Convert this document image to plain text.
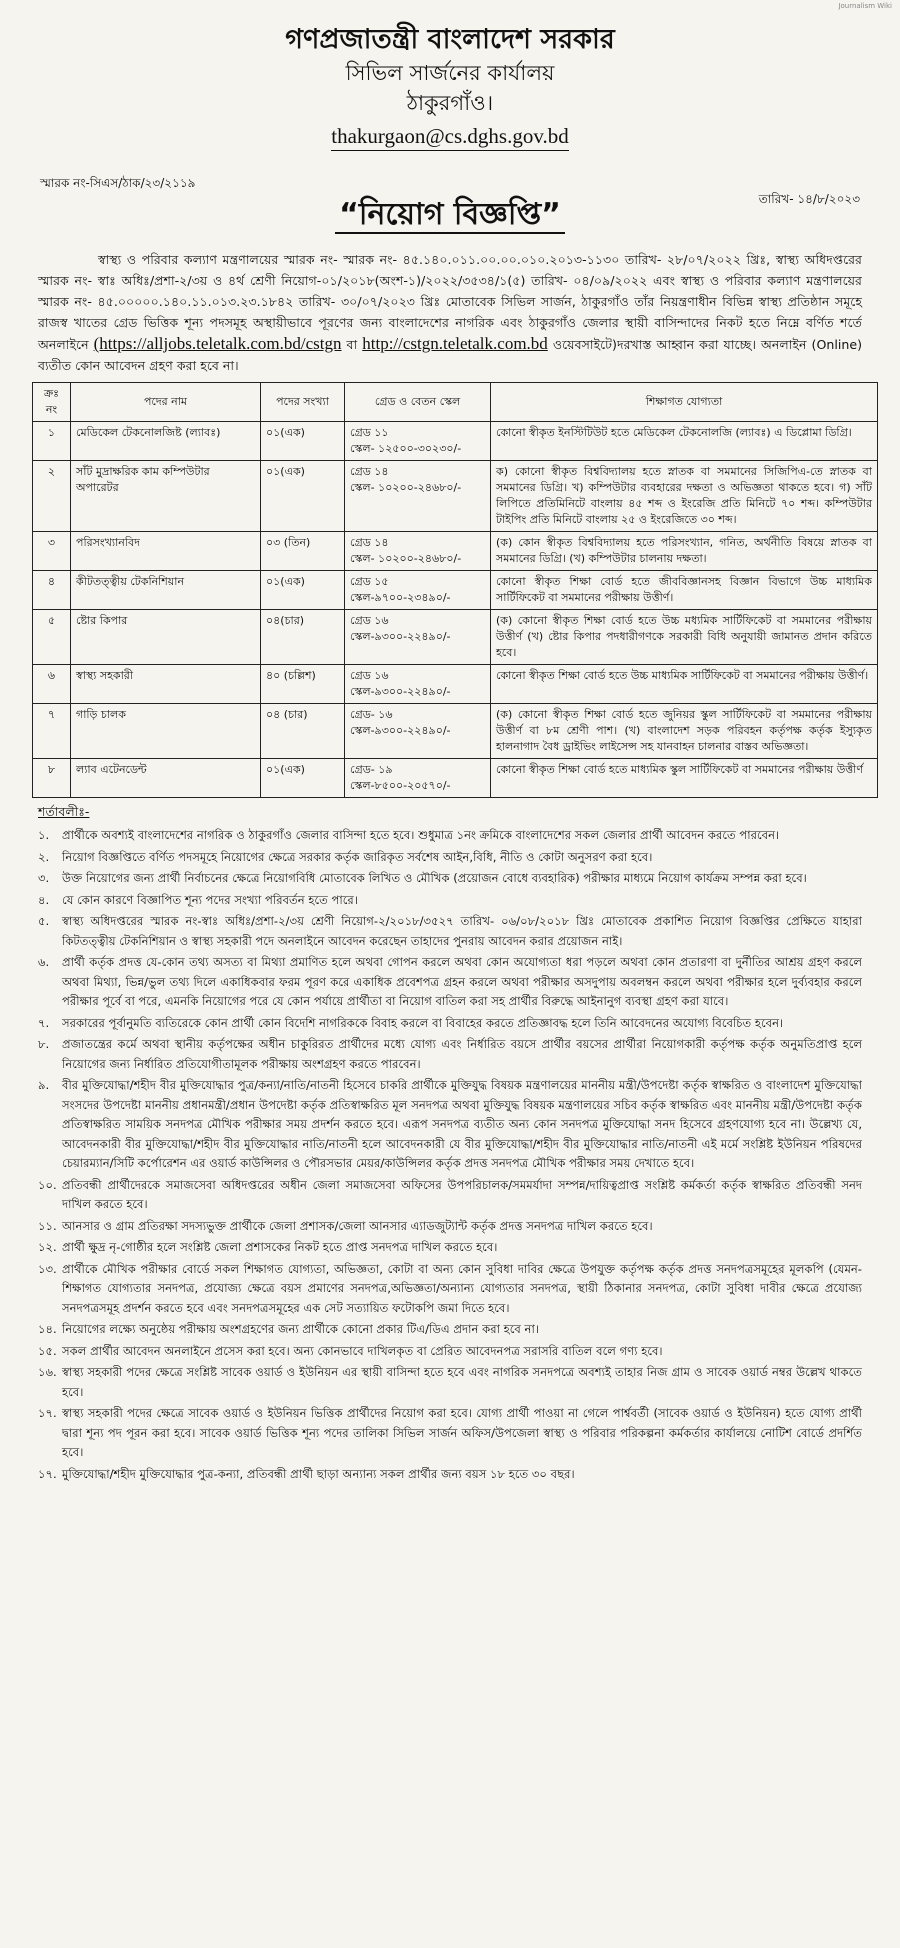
Journalism Wiki
গণপ্রজাতন্ত্রী বাংলাদেশ সরকার
সিভিল সার্জনের কার্যালয়
ঠাকুরগাঁও।
thakurgaon@cs.dghs.gov.bd
স্মারক নং-সিএস/ঠাক/২৩/২১১৯
তারিখ- ১৪/৮/২০২৩
“নিয়োগ বিজ্ঞপ্তি”

স্বাস্থ্য ও পরিবার কল্যাণ মন্ত্রণালয়ের স্মারক নং- স্মারক নং- ৪৫.১৪০.০১১.০০.০০.০১০.২০১৩-১১৩০ তারিখ- ২৮/০৭/২০২২ খ্রিঃ, স্বাস্থ্য অধিদপ্তরের স্মারক নং- স্বাঃ অধিঃ/প্রশা-২/৩য় ও ৪র্থ শ্রেণী নিয়োগ-০১/২০১৮(অংশ-১)/২০২২/৩৫৩৪/১(৫) তারিখ- ০৪/০৯/২০২২ এবং স্বাস্থ্য ও পরিবার কল্যাণ মন্ত্রণালয়ের স্মারক নং- ৪৫.০০০০০.১৪০.১১.০১৩.২৩.১৮৪২ তারিখ- ৩০/০৭/২০২৩ খ্রিঃ মোতাবেক সিভিল সার্জন, ঠাকুরগাঁও তাঁর নিয়ন্ত্রণাধীন বিভিন্ন স্বাস্থ্য প্রতিষ্ঠান সমূহে রাজস্ব খাতের গ্রেড ভিত্তিক শূন্য পদসমূহ অস্থায়ীভাবে পূরণের জন্য বাংলাদেশের নাগরিক এবং ঠাকুরগাঁও জেলার স্থায়ী বাসিন্দাদের নিকট হতে নিম্নে বর্ণিত শর্তে অনলাইনে (https://alljobs.teletalk.com.bd/cstgn বা http://cstgn.teletalk.com.bd ওয়েবসাইটে)দরখাস্ত আহ্বান করা যাচ্ছে। অনলাইন (Online) ব্যতীত কোন আবেদন গ্রহণ করা হবে না।

ক্রঃ নং	পদের নাম	পদের সংখ্যা	গ্রেড ও বেতন স্কেল	শিক্ষাগত যোগ্যতা
১	মেডিকেল টেকনোলজিষ্ট (ল্যাবঃ)	০১(এক)	গ্রেড ১১
স্কেল- ১২৫০০-৩০২৩০/-	কোনো স্বীকৃত ইনস্টিটিউট হতে মেডিকেল টেকনোলজি (ল্যাবঃ) এ ডিপ্লোমা ডিগ্রি।
২	সাঁট মুদ্রাক্ষরিক কাম কম্পিউটার অপারেটর	০১(এক)	গ্রেড ১৪
স্কেল- ১০২০০-২৪৬৮০/-	ক) কোনো স্বীকৃত বিশ্ববিদ্যালয় হতে স্নাতক বা সমমানের সিজিপিএ-তে স্নাতক বা সমমানের ডিগ্রি। খ) কম্পিউটার ব্যবহারের দক্ষতা ও অভিজ্ঞতা থাকতে হবে। গ) সাঁট লিপিতে প্রতিমিনিটে বাংলায় ৪৫ শব্দ ও ইংরেজি প্রতি মিনিটে ৭০ শব্দ। কম্পিউটার টাইপিং প্রতি মিনিটে বাংলায় ২৫ ও ইংরেজিতে ৩০ শব্দ।
৩	পরিসংখ্যানবিদ	০৩ (তিন)	গ্রেড ১৪
স্কেল- ১০২০০-২৪৬৮০/-	(ক) কোন স্বীকৃত বিশ্ববিদ্যালয় হতে পরিসংখ্যান, গনিত, অর্থনীতি বিষয়ে স্নাতক বা সমমানের ডিগ্রি। (খ) কম্পিউটার চালনায় দক্ষতা।
৪	কীটতত্ত্বীয় টেকনিশিয়ান	০১(এক)	গ্রেড ১৫
স্কেল-৯৭০০-২৩৪৯০/-	কোনো স্বীকৃত শিক্ষা বোর্ড হতে জীববিজ্ঞানসহ বিজ্ঞান বিভাগে উচ্চ মাধ্যমিক সার্টিফিকেট বা সমমানের পরীক্ষায় উত্তীর্ণ।
৫	ষ্টোর কিপার	০৪(চার)	গ্রেড ১৬
স্কেল-৯৩০০-২২৪৯০/-	(ক) কোনো স্বীকৃত শিক্ষা বোর্ড হতে উচ্চ মধ্যমিক সার্টিফিকেট বা সমমানের পরীক্ষায় উত্তীর্ণ (খ) ষ্টোর কিপার পদধারীগণকে সরকারী বিধি অনুযায়ী জামানত প্রদান করিতে হবে।
৬	স্বাস্থ্য সহকারী	৪০ (চল্লিশ)	গ্রেড ১৬
স্কেল-৯৩০০-২২৪৯০/-	কোনো স্বীকৃত শিক্ষা বোর্ড হতে উচ্চ মাধ্যমিক সার্টিফিকেট বা সমমানের পরীক্ষায় উত্তীর্ণ।
৭	গাড়ি চালক	০৪ (চার)	গ্রেড- ১৬
স্কেল-৯৩০০-২২৪৯০/-	(ক) কোনো স্বীকৃত শিক্ষা বোর্ড হতে জুনিয়র স্কুল সার্টিফিকেট বা সমমানের পরীক্ষায় উত্তীর্ণ বা ৮ম শ্রেণী পাশ। (খ) বাংলাদেশ সড়ক পরিবহন কর্তৃপক্ষ কর্তৃক ইস্যুকৃত হালনাগাদ বৈধ ড্রাইভিং লাইসেন্স সহ যানবাহন চালনার বাস্তব অভিজ্ঞতা।
৮	ল্যাব এটেনডেন্ট	০১(এক)	গ্রেড- ১৯
স্কেল-৮৫০০-২০৫৭০/-	কোনো স্বীকৃত শিক্ষা বোর্ড হতে মাধ্যমিক স্কুল সার্টিফিকেট বা সমমানের পরীক্ষায় উত্তীর্ণ
শর্তাবলীঃ-
১.	প্রার্থীকে অবশ্যই বাংলাদেশের নাগরিক ও ঠাকুরগাঁও জেলার বাসিন্দা হতে হবে। শুধুমাত্র ১নং ক্রমিকে বাংলাদেশের সকল জেলার প্রার্থী আবেদন করতে পারবেন।
২.	নিয়োগ বিজ্ঞপ্তিতে বর্ণিত পদসমূহে নিয়োগের ক্ষেত্রে সরকার কর্তৃক জারিকৃত সর্বশেষ আইন,বিধি, নীতি ও কোটা অনুসরণ করা হবে।
৩.	উক্ত নিয়োগের জন্য প্রার্থী নির্বাচনের ক্ষেত্রে নিয়োগবিধি মোতাবেক লিখিত ও মৌখিক (প্রয়োজন বোধে ব্যবহারিক) পরীক্ষার মাধ্যমে নিয়োগ কার্যক্রম সম্পন্ন করা হবে।
৪.	যে কোন কারণে বিজ্ঞাপিত শূন্য পদের সংখ্যা পরিবর্তন হতে পারে।
৫.	স্বাস্থ্য অধিদপ্তরের স্মারক নং-স্বাঃ অধিঃ/প্রশা-২/৩য় শ্রেণী নিয়োগ-২/২০১৮/৩৫২৭ তারিখ- ০৬/০৮/২০১৮ খ্রিঃ মোতাবেক প্রকাশিত নিয়োগ বিজ্ঞপ্তির প্রেক্ষিতে যাহারা কিটতত্ত্বীয় টেকনিশিয়ান ও স্বাস্থ্য সহকারী পদে অনলাইনে আবেদন করেছেন তাহাদের পুনরায় আবেদন করার প্রয়োজন নাই।
৬.	প্রার্থী কর্তৃক প্রদত্ত যে-কোন তথ্য অসত্য বা মিথ্যা প্রমাণিত হলে অথবা গোপন করলে অথবা কোন অযোগ্যতা ধরা পড়লে অথবা কোন প্রতারণা বা দুর্নীতির আশ্রয় গ্রহণ করলে অথবা মিথ্যা, ভিন্ন/ভুল তথ্য দিলে একাধিকবার ফরম পূরণ করে একাধিক প্রবেশপত্র গ্রহন করলে অথবা পরীক্ষার অসদুপায় অবলম্বন করলে অথবা পরীক্ষার হলে দুর্ব্যবহার করলে পরীক্ষার পূর্বে বা পরে, এমনকি নিয়োগের পরে যে কোন পর্যায়ে প্রার্থীতা বা নিয়োগ বাতিল করা সহ প্রার্থীর বিরুদ্ধে আইনানুগ ব্যবস্থা গ্রহণ করা যাবে।
৭.	সরকারের পূর্বানুমতি ব্যতিরেকে কোন প্রার্থী কোন বিদেশি নাগরিককে বিবাহ করলে বা বিবাহের করতে প্রতিজ্ঞাবদ্ধ হলে তিনি আবেদনের অযোগ্য বিবেচিত হবেন।
৮.	প্রজাতন্ত্রের কর্মে অথবা স্থানীয় কর্তৃপক্ষের অধীন চাকুরিরত প্রার্থীদের মধ্যে যোগ্য এবং নির্ধারিত বয়সে প্রার্থীর বয়সের প্রার্থীরা নিয়োগকারী কর্তৃপক্ষ কর্তৃক অনুমতিপ্রাপ্ত হলে নিয়োগের জন্য নির্ধারিত প্রতিযোগীতামূলক পরীক্ষায় অংশগ্রহণ করতে পারবেন।
৯.	বীর মুক্তিযোদ্ধা/শহীদ বীর মুক্তিযোদ্ধার পুত্র/কন্যা/নাতি/নাতনী হিসেবে চাকরি প্রার্থীকে মুক্তিযুদ্ধ বিষয়ক মন্ত্রণালয়ের মাননীয় মন্ত্রী/উপদেষ্টা কর্তৃক স্বাক্ষরিত ও বাংলাদেশ মুক্তিযোদ্ধা সংসদের উপদেষ্টা মাননীয় প্রধানমন্ত্রী/প্রধান উপদেষ্টা কর্তৃক প্রতিস্বাক্ষরিত মূল সনদপত্র অথবা মুক্তিযুদ্ধ বিষয়ক মন্ত্রণালয়ের সচিব কর্তৃক স্বাক্ষরিত এবং মাননীয় মন্ত্রী/উপদেষ্টা কর্তৃক প্রতিস্বাক্ষরিত সাময়িক সনদপত্র মৌখিক পরীক্ষার সময় প্রদর্শন করতে হবে। এরূপ সনদপত্র ব্যতীত অন্য কোন সনদপত্র মুক্তিযোদ্ধা সনদ হিসেবে গ্রহণযোগ্য হবে না। উল্লেখ্য যে, আবেদনকারী বীর মুক্তিযোদ্ধা/শহীদ বীর মুক্তিযোদ্ধার নাতি/নাতনী হলে আবেদনকারী যে বীর মুক্তিযোদ্ধা/শহীদ বীর মুক্তিযোদ্ধার নাতি/নাতনী এই মর্মে সংশ্লিষ্ট ইউনিয়ন পরিষদের চেয়ারম্যান/সিটি কর্পোরেশন এর ওয়ার্ড কাউন্সিলর ও পৌরসভার মেয়র/কাউন্সিলর কর্তৃক প্রদত্ত সনদপত্র মৌখিক পরীক্ষার সময় দেখাতে হবে।
১০. প্রতিবন্ধী প্রার্থীদেরকে সমাজসেবা অধিদপ্তরের অধীন জেলা সমাজসেবা অফিসের উপপরিচালক/সমমর্যাদা সম্পন্ন/দায়িত্বপ্রাপ্ত সংশ্লিষ্ট কর্মকর্তা কর্তৃক স্বাক্ষরিত প্রতিবন্ধী সনদ দাখিল করতে হবে।
১১. আনসার ও গ্রাম প্রতিরক্ষা সদস্যভুক্ত প্রার্থীকে জেলা প্রশাসক/জেলা আনসার এ্যাডজুট্যান্ট কর্তৃক প্রদত্ত সনদপত্র দাখিল করতে হবে।
১২. প্রার্থী ক্ষুদ্র নৃ-গোষ্ঠীর হলে সংশ্লিষ্ট জেলা প্রশাসকের নিকট হতে প্রাপ্ত সনদপত্র দাখিল করতে হবে।
১৩. প্রার্থীকে মৌখিক পরীক্ষার বোর্ডে সকল শিক্ষাগত যোগ্যতা, অভিজ্ঞতা, কোটা বা অন্য কোন সুবিধা দাবির ক্ষেত্রে উপযুক্ত কর্তৃপক্ষ কর্তৃক প্রদত্ত সনদপত্রসমূহের মূলকপি (যেমন- শিক্ষাগত যোগ্যতার সনদপত্র, প্রযোজ্য ক্ষেত্রে বয়স প্রমাণের সনদপত্র,অভিজ্ঞতা/অন্যান্য যোগ্যতার সনদপত্র, স্থায়ী ঠিকানার সনদপত্র, কোটা সুবিধা দাবীর ক্ষেত্রে প্রযোজ্য সনদপত্রসমূহ প্রদর্শন করতে হবে এবং সনদপত্রসমূহের এক সেট সত্যায়িত ফটোকপি জমা দিতে হবে।
১৪. নিয়োগের লক্ষ্যে অনুষ্ঠেয় পরীক্ষায় অংশগ্রহণের জন্য প্রার্থীকে কোনো প্রকার টিএ/ডিএ প্রদান করা হবে না।
১৫. সকল প্রার্থীর আবেদন অনলাইনে প্রসেস করা হবে। অন্য কোনভাবে দাখিলকৃত বা প্রেরিত আবেদনপত্র সরাসরি বাতিল বলে গণ্য হবে।
১৬. স্বাস্থ্য সহকারী পদের ক্ষেত্রে সংশ্লিষ্ট সাবেক ওয়ার্ড ও ইউনিয়ন এর স্থায়ী বাসিন্দা হতে হবে এবং নাগরিক সনদপত্রে অবশ্যই তাহার নিজ গ্রাম ও সাবেক ওয়ার্ড নম্বর উল্লেখ থাকতে হবে।
১৭. স্বাস্থ্য সহকারী পদের ক্ষেত্রে সাবেক ওয়ার্ড ও ইউনিয়ন ভিত্তিক প্রার্থীদের নিয়োগ করা হবে। যোগ্য প্রার্থী পাওয়া না গেলে পার্শ্ববর্তী (সাবেক ওয়ার্ড ও ইউনিয়ন) হতে যোগ্য প্রার্থী দ্বারা শূন্য পদ পূরন করা হবে। সাবেক ওয়ার্ড ভিত্তিক শূন্য পদের তালিকা সিভিল সার্জন অফিস/উপজেলা স্বাস্থ্য ও পরিবার পরিকল্পনা কর্মকর্তার কার্যালয়ে নোটিশ বোর্ডে প্রদর্শিত হবে।
১৭. মুক্তিযোদ্ধা/শহীদ মুক্তিযোদ্ধার পুত্র-কন্যা, প্রতিবন্ধী প্রার্থী ছাড়া অন্যান্য সকল প্রার্থীর জন্য বয়স ১৮ হতে ৩০ বছর।
